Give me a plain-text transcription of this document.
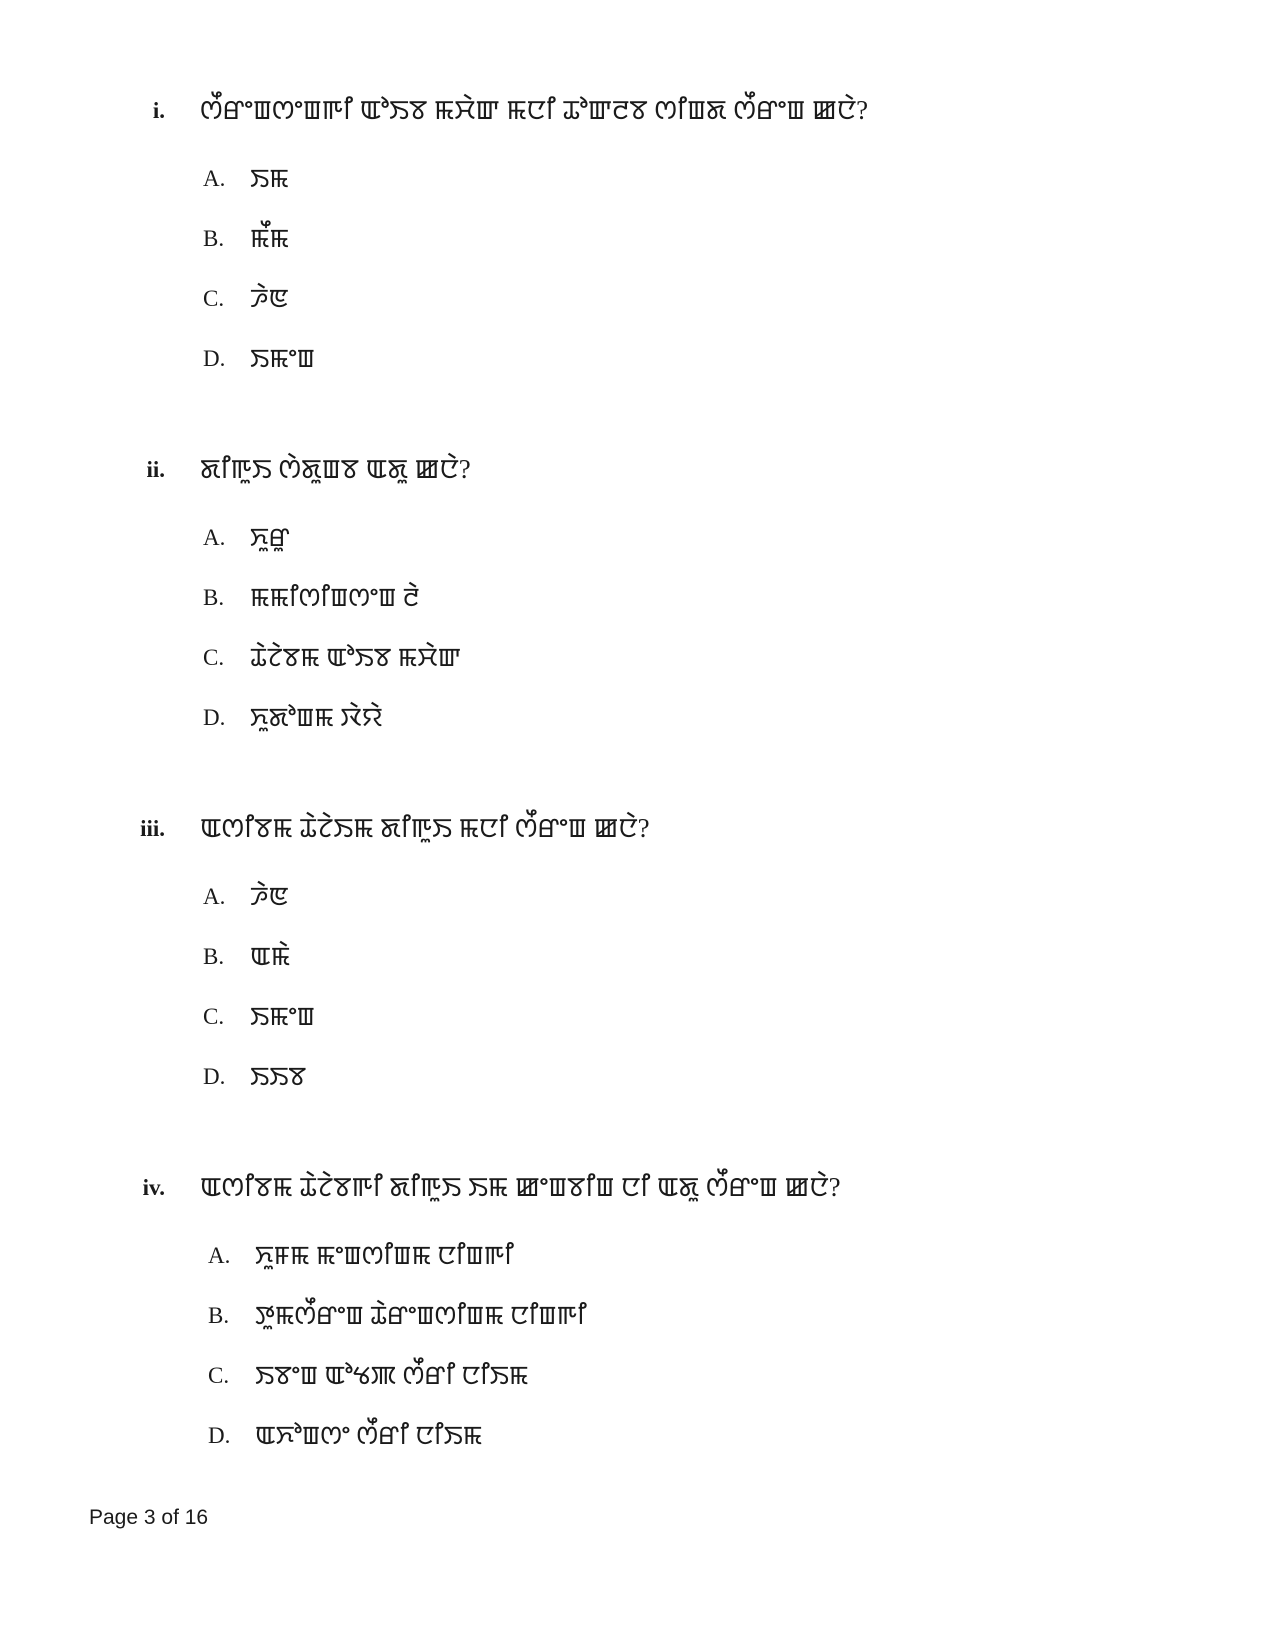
i. ꯁꯩꯔꯦꯡꯁꯦꯡꯒꯤ ꯑꯣꯏꯕ ꯃꯆꯥꯛ ꯃꯅꯤ ꯊꯣꯛꯂꯕ ꯁꯤꯡꯗ ꯁꯩꯔꯦꯡ ꯀꯅꯥ?
A. ꯏꯃ
B. ꯃꯩꯃ
C. ꯍꯥꯟ
D. ꯏꯃꯦꯡ
ii. ꯗꯤꯒꯨꯏ ꯁꯥꯗꯨꯡꯕ ꯑꯗꯨ ꯀꯅꯥ?
A. ꯈꯨꯔꯨ
B. ꯃꯃꯤꯁꯤꯡꯁꯦꯡ ꯂꯥ
C. ꯊꯥꯖꯥꯕꯃ ꯑꯣꯏꯕ ꯃꯆꯥꯛ
D. ꯈꯨꯗꯣꯡꯃ ꯋꯥꯌꯥ
iii. ꯑꯁꯤꯕꯃ ꯊꯥꯖꯥꯏꯃ ꯗꯤꯒꯨꯏ ꯃꯅꯤ ꯁꯩꯔꯦꯡ ꯀꯅꯥ?
A. ꯍꯥꯟ
B. ꯑꯃꯥ
C. ꯏꯃꯦꯡ
D. ꯏꯏꯕ
iv. ꯑꯁꯤꯕꯃ ꯊꯥꯖꯥꯕꯒꯤ ꯗꯤꯒꯨꯏ ꯏꯃ ꯀꯦꯡꯕꯤꯡ ꯅꯤ ꯑꯗꯨ ꯁꯩꯔꯦꯡ ꯀꯅꯥ?
A. ꯈꯨꯝꯃ ꯃꯦꯡꯁꯤꯡꯃ ꯅꯤꯡꯒꯤ
B. ꯇꯨꯃꯁꯩꯔꯦꯡ ꯊꯥꯔꯦꯡꯁꯤꯡꯃ ꯅꯤꯡꯒꯤ
C. ꯏꯕꯦꯡ ꯑꯣꯠꯄ ꯁꯩꯔꯤ ꯅꯤꯏꯃ
D. ꯑꯈꯣꯡꯁꯦ ꯁꯩꯔꯤ ꯅꯤꯏꯃ
Page 3 of 16
